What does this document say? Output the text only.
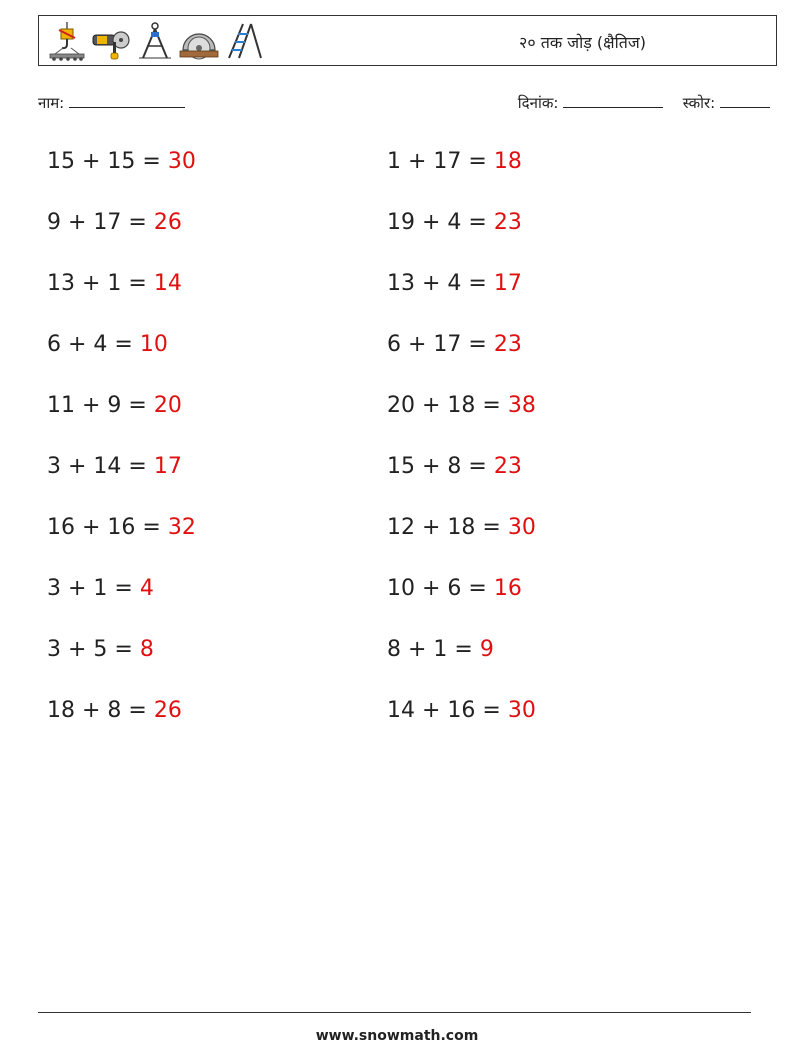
२० तक जोड़ (क्षैतिज)
नाम:	दिनांक:	स्कोर:
15 + 15 = 30
9 + 17 = 26
13 + 1 = 14
6 + 4 = 10
11 + 9 = 20
3 + 14 = 17
16 + 16 = 32
3 + 1 = 4
3 + 5 = 8
18 + 8 = 26
1 + 17 = 18
19 + 4 = 23
13 + 4 = 17
6 + 17 = 23
20 + 18 = 38
15 + 8 = 23
12 + 18 = 30
10 + 6 = 16
8 + 1 = 9
14 + 16 = 30
www.snowmath.com
